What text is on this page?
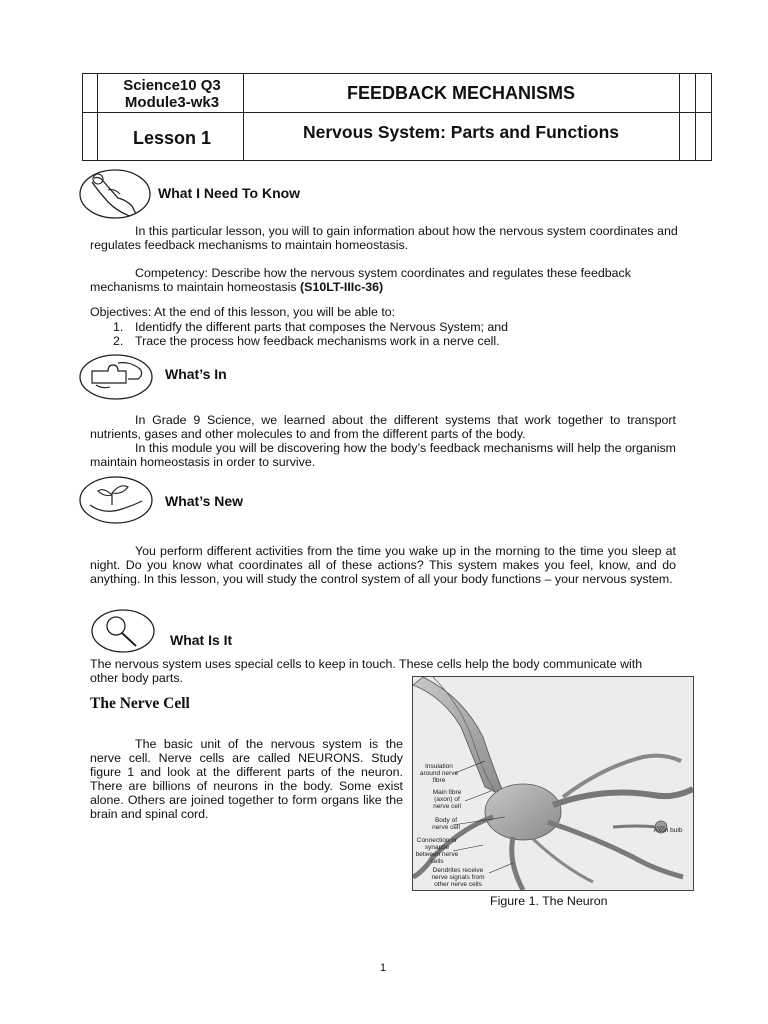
Science10 Q3
Module3-wk3	FEEDBACK MECHANISMS
Lesson 1	Nervous System: Parts and Functions
What I Need To Know
In this particular lesson, you will to gain information about how the nervous system coordinates and regulates feedback mechanisms to maintain homeostasis.
Competency: Describe how the nervous system coordinates and regulates these feedback mechanisms to maintain homeostasis (S10LT-IIIc-36)
Objectives: At the end of this lesson, you will be able to:
1. Identidfy the different parts that composes the Nervous System; and
2. Trace the process how feedback mechanisms work in a nerve cell.
What’s In
In Grade 9 Science, we learned about the different systems that work together to transport nutrients, gases and other molecules to and from the different parts of the body.
In this module you will be discovering how the body’s feedback mechanisms will help the organism maintain homeostasis in order to survive.
What’s New
You perform different activities from the time you wake up in the morning to the time you sleep at night. Do you know what coordinates all of these actions? This system makes you feel, know, and do anything. In this lesson, you will study the control system of all your body functions – your nervous system.
What Is It
The nervous system uses special cells to keep in touch. These cells help the body communicate with other body parts.
The Nerve Cell
The basic unit of the nervous system is the nerve cell. Nerve cells are called NEURONS. Study figure 1 and look at the different parts of the neuron. There are billions of neurons in the body. Some exist alone. Others are joined together to form organs like the brain and spinal cord.
Insulation around nerve fibre
Main fibre (axon) of nerve cell
Body of nerve cell
Connection or synapse between nerve cells
Dendrites receive nerve signals from other nerve cells
Axon bulb
Figure 1. The Neuron
1
